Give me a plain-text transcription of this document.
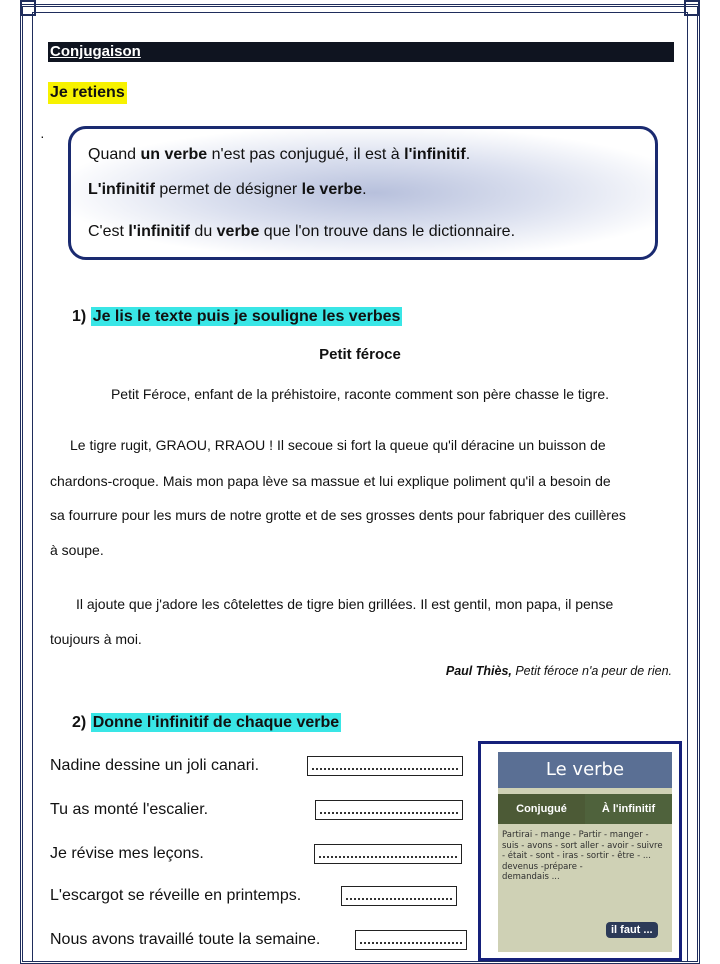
Conjugaison
Je retiens
·
Quand un verbe n'est pas conjugué, il est à l'infinitif.
L'infinitif permet de désigner le verbe.
C'est l'infinitif du verbe que l'on trouve dans le dictionnaire.
1) Je lis le texte puis je souligne les verbes
Petit féroce
Petit Féroce, enfant de la préhistoire, raconte comment son père chasse le tigre.
Le tigre rugit, GRAOU, RRAOU ! Il secoue si fort la queue qu'il déracine un buisson de
chardons-croque. Mais mon papa lève sa massue et lui explique poliment qu'il a besoin de
sa fourrure pour les murs de notre grotte et de ses grosses dents pour fabriquer des cuillères
à soupe.
Il ajoute que j'adore les côtelettes de tigre bien grillées. Il est gentil, mon papa, il pense
toujours à moi.
Paul Thiès, Petit féroce n'a peur de rien.
2) Donne l'infinitif de chaque verbe
Nadine dessine un joli canari.
Tu as monté l'escalier.
Je révise mes leçons.
L'escargot se réveille en printemps.
Nous avons travaillé toute la semaine.
Le verbe
Conjugué	À l'infinitif
Partirai - mange - Partir - manger -
suis - avons - sort aller - avoir - suivre
- était - sont - iras - sortir - être - ...
devenus -prépare -
demandais ...
il faut ...
